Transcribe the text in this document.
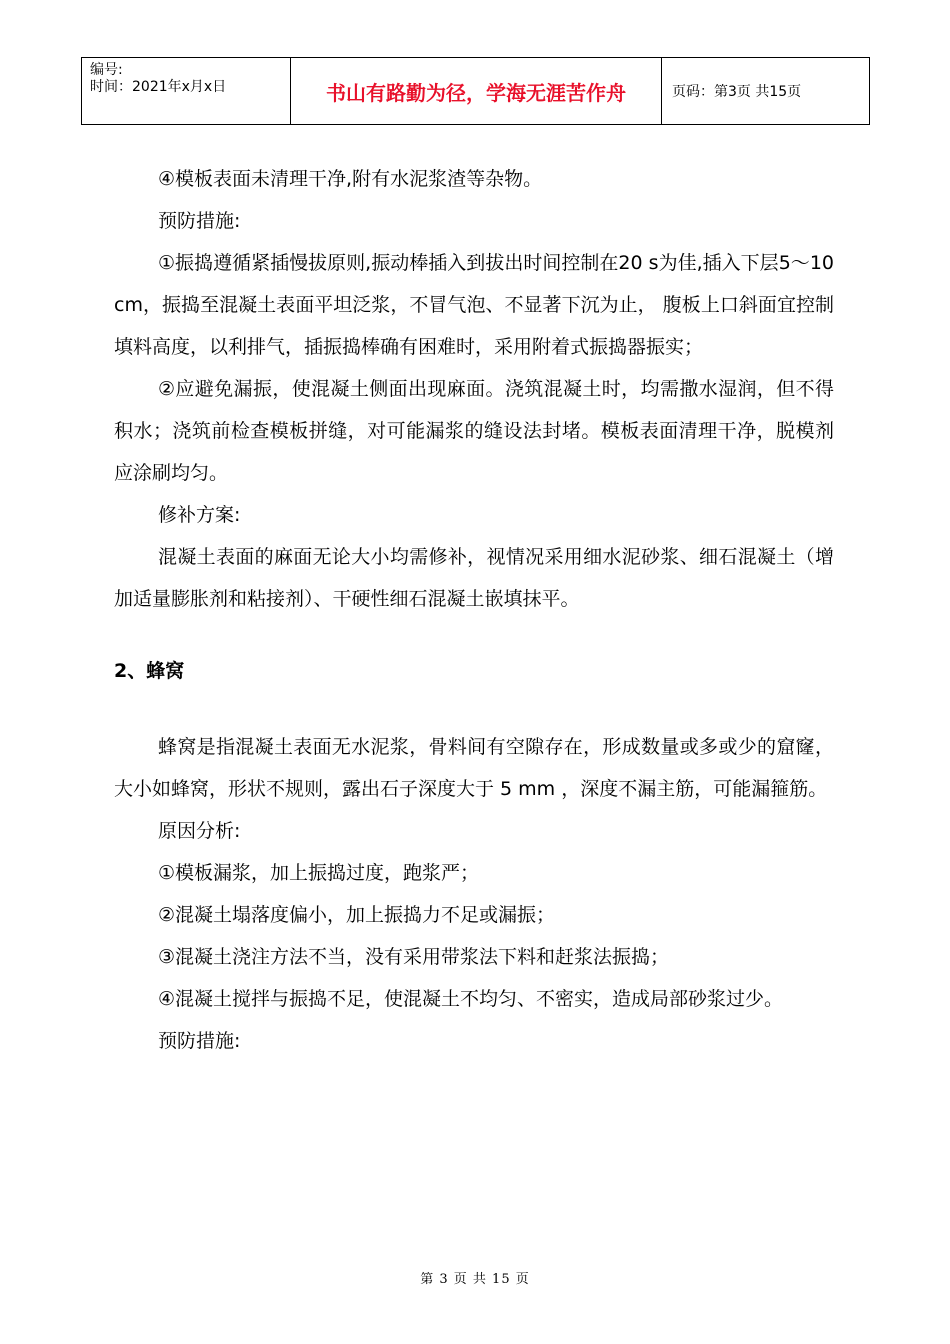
编号:
时间：2021年x月x日	书山有路勤为径，学海无涯苦作舟	页码：第3页 共15页

④模板表面未清理干净,附有水泥浆渣等杂物。

预防措施:

①振捣遵循紧插慢拔原则,振动棒插入到拔出时间控制在20 s为佳,插入下层5～10 cm，振捣至混凝土表面平坦泛浆，不冒气泡、不显著下沉为止， 腹板上口斜面宜控制填料高度，以利排气，插振捣棒确有困难时，采用附着式振捣器振实；

②应避免漏振，使混凝土侧面出现麻面。浇筑混凝土时，均需撒水湿润，但不得积水；浇筑前检查模板拼缝，对可能漏浆的缝设法封堵。模板表面清理干净，脱模剂应涂刷均匀。

修补方案:

混凝土表面的麻面无论大小均需修补，视情况采用细水泥砂浆、细石混凝土（增加适量膨胀剂和粘接剂）、干硬性细石混凝土嵌填抹平。

2、蜂窝

蜂窝是指混凝土表面无水泥浆，骨料间有空隙存在，形成数量或多或少的窟窿，大小如蜂窝，形状不规则，露出石子深度大于 5 mm ，深度不漏主筋，可能漏箍筋。

原因分析:

①模板漏浆，加上振捣过度，跑浆严；

②混凝土塌落度偏小，加上振捣力不足或漏振；

③混凝土浇注方法不当，没有采用带浆法下料和赶浆法振捣；

④混凝土搅拌与振捣不足，使混凝土不均匀、不密实，造成局部砂浆过少。

预防措施:

第 3 页 共 15 页
